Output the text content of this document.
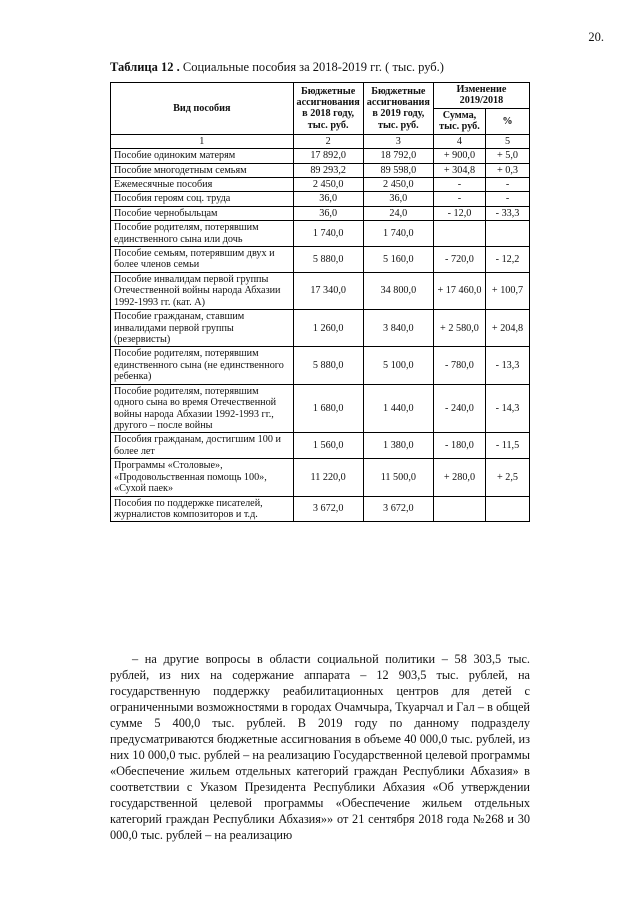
20.
Таблица 12 . Социальные пособия за 2018-2019 гг. ( тыс. руб.)
Вид пособия	Бюджетные ассигнования в 2018 году, тыс. руб.	Бюджетные ассигнования в 2019 году, тыс. руб.	Изменение 2019/2018	
			Сумма, тыс. руб.	%
1	2	3	4	5
Пособие одиноким матерям	17 892,0	18 792,0	+ 900,0	+ 5,0
Пособие многодетным семьям	89 293,2	89 598,0	+ 304,8	+ 0,3
Ежемесячные пособия	2 450,0	2 450,0	-	-
Пособия героям соц. труда	36,0	36,0	-	-
Пособие чернобыльцам	36,0	24,0	- 12,0	- 33,3
Пособие родителям, потерявшим единственного сына или дочь	1 740,0	1 740,0		
Пособие семьям, потерявшим двух и более членов семьи	5 880,0	5 160,0	- 720,0	- 12,2
Пособие инвалидам первой группы Отечественной войны народа Абхазии 1992-1993 гг. (кат. А)	17 340,0	34 800,0	+ 17 460,0	+ 100,7
Пособие гражданам, ставшим инвалидами первой группы (резервисты)	1 260,0	3 840,0	+ 2 580,0	+ 204,8
Пособие родителям, потерявшим единственного сына (не единственного ребенка)	5 880,0	5 100,0	- 780,0	- 13,3
Пособие родителям, потерявшим одного сына во время Отечественной войны народа Абхазии 1992-1993 гг., другого – после войны	1 680,0	1 440,0	- 240,0	- 14,3
Пособия гражданам, достигшим 100 и более лет	1 560,0	1 380,0	- 180,0	- 11,5
Программы «Столовые», «Продовольственная помощь 100», «Сухой паек»	11 220,0	11 500,0	+ 280,0	+ 2,5
Пособия по поддержке писателей, журналистов композиторов и т.д.	3 672,0	3 672,0		
– на другие вопросы в области социальной политики – 58 303,5 тыс. рублей, из них на содержание аппарата – 12 903,5 тыс. рублей, на государственную поддержку реабилитационных центров для детей с ограниченными возможностями в городах Очамчыра, Ткуарчал и Гал – в общей сумме 5 400,0 тыс. рублей. В 2019 году по данному подразделу предусматриваются бюджетные ассигнования в объеме 40 000,0 тыс. рублей, из них 10 000,0 тыс. рублей – на реализацию Государственной целевой программы «Обеспечение жильем отдельных категорий граждан Республики Абхазия» в соответствии с Указом Президента Республики Абхазия «Об утверждении государственной целевой программы «Обеспечение жильем отдельных категорий граждан Республики Абхазия»» от 21 сентября 2018 года №268 и 30 000,0 тыс. рублей – на реализацию
